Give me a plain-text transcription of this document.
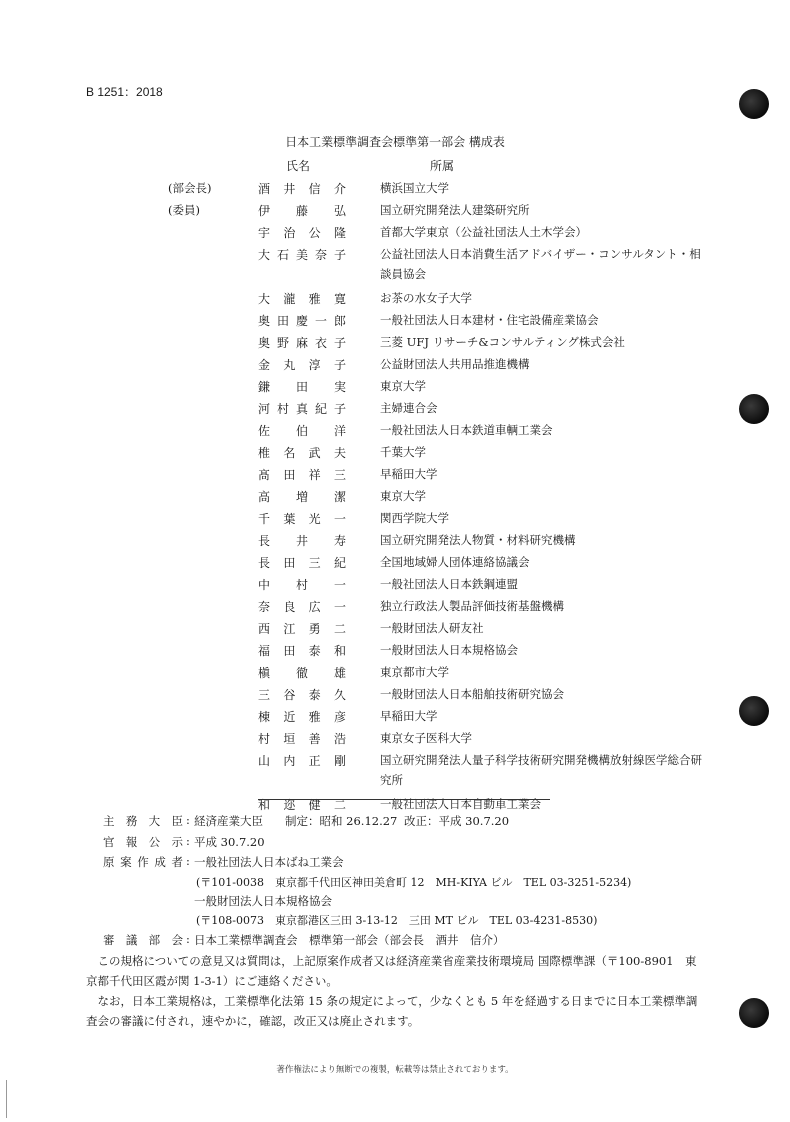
B 1251：2018
日本工業標準調査会標準第一部会 構成表
氏名	所属
(部会長)	酒井信介	横浜国立大学
(委員)	伊藤弘	国立研究開発法人建築研究所
宇治公隆	首都大学東京（公益社団法人土木学会）
大石美奈子	公益社団法人日本消費生活アドバイザー・コンサルタント・相談員協会
大瀧雅寛	お茶の水女子大学
奥田慶一郎	一般社団法人日本建材・住宅設備産業協会
奥野麻衣子	三菱 UFJ リサーチ&コンサルティング株式会社
金丸淳子	公益財団法人共用品推進機構
鎌田実	東京大学
河村真紀子	主婦連合会
佐伯洋	一般社団法人日本鉄道車輌工業会
椎名武夫	千葉大学
髙田祥三	早稲田大学
高増潔	東京大学
千葉光一	関西学院大学
長井寿	国立研究開発法人物質・材料研究機構
長田三紀	全国地域婦人団体連絡協議会
中村一	一般社団法人日本鉄鋼連盟
奈良広一	独立行政法人製品評価技術基盤機構
西江勇二	一般財団法人研友社
福田泰和	一般財団法人日本規格協会
槇徹雄	東京都市大学
三谷泰久	一般財団法人日本船舶技術研究協会
棟近雅彦	早稲田大学
村垣善浩	東京女子医科大学
山内正剛	国立研究開発法人量子科学技術研究開発機構放射線医学総合研究所
和迩健二	一般社団法人日本自動車工業会
主務大臣 : 経済産業大臣 制定：昭和 26.12.27 改正：平成 30.7.20
官報公示 : 平成 30.7.20
原案作成者 : 一般社団法人日本ばね工業会
(〒101-0038　東京都千代田区神田美倉町 12　MH-KIYA ビル　TEL 03-3251-5234)
一般財団法人日本規格協会
(〒108-0073　東京都港区三田 3-13-12　三田 MT ビル　TEL 03-4231-8530)
審議部会 : 日本工業標準調査会　標準第一部会（部会長　酒井　信介）
この規格についての意見又は質問は，上記原案作成者又は経済産業省産業技術環境局 国際標準課（〒100-8901　東京都千代田区霞が関 1-3-1）にご連絡ください。
なお，日本工業規格は，工業標準化法第 15 条の規定によって，少なくとも 5 年を経過する日までに日本工業標準調査会の審議に付され，速やかに，確認，改正又は廃止されます。
著作権法により無断での複製，転載等は禁止されております。
